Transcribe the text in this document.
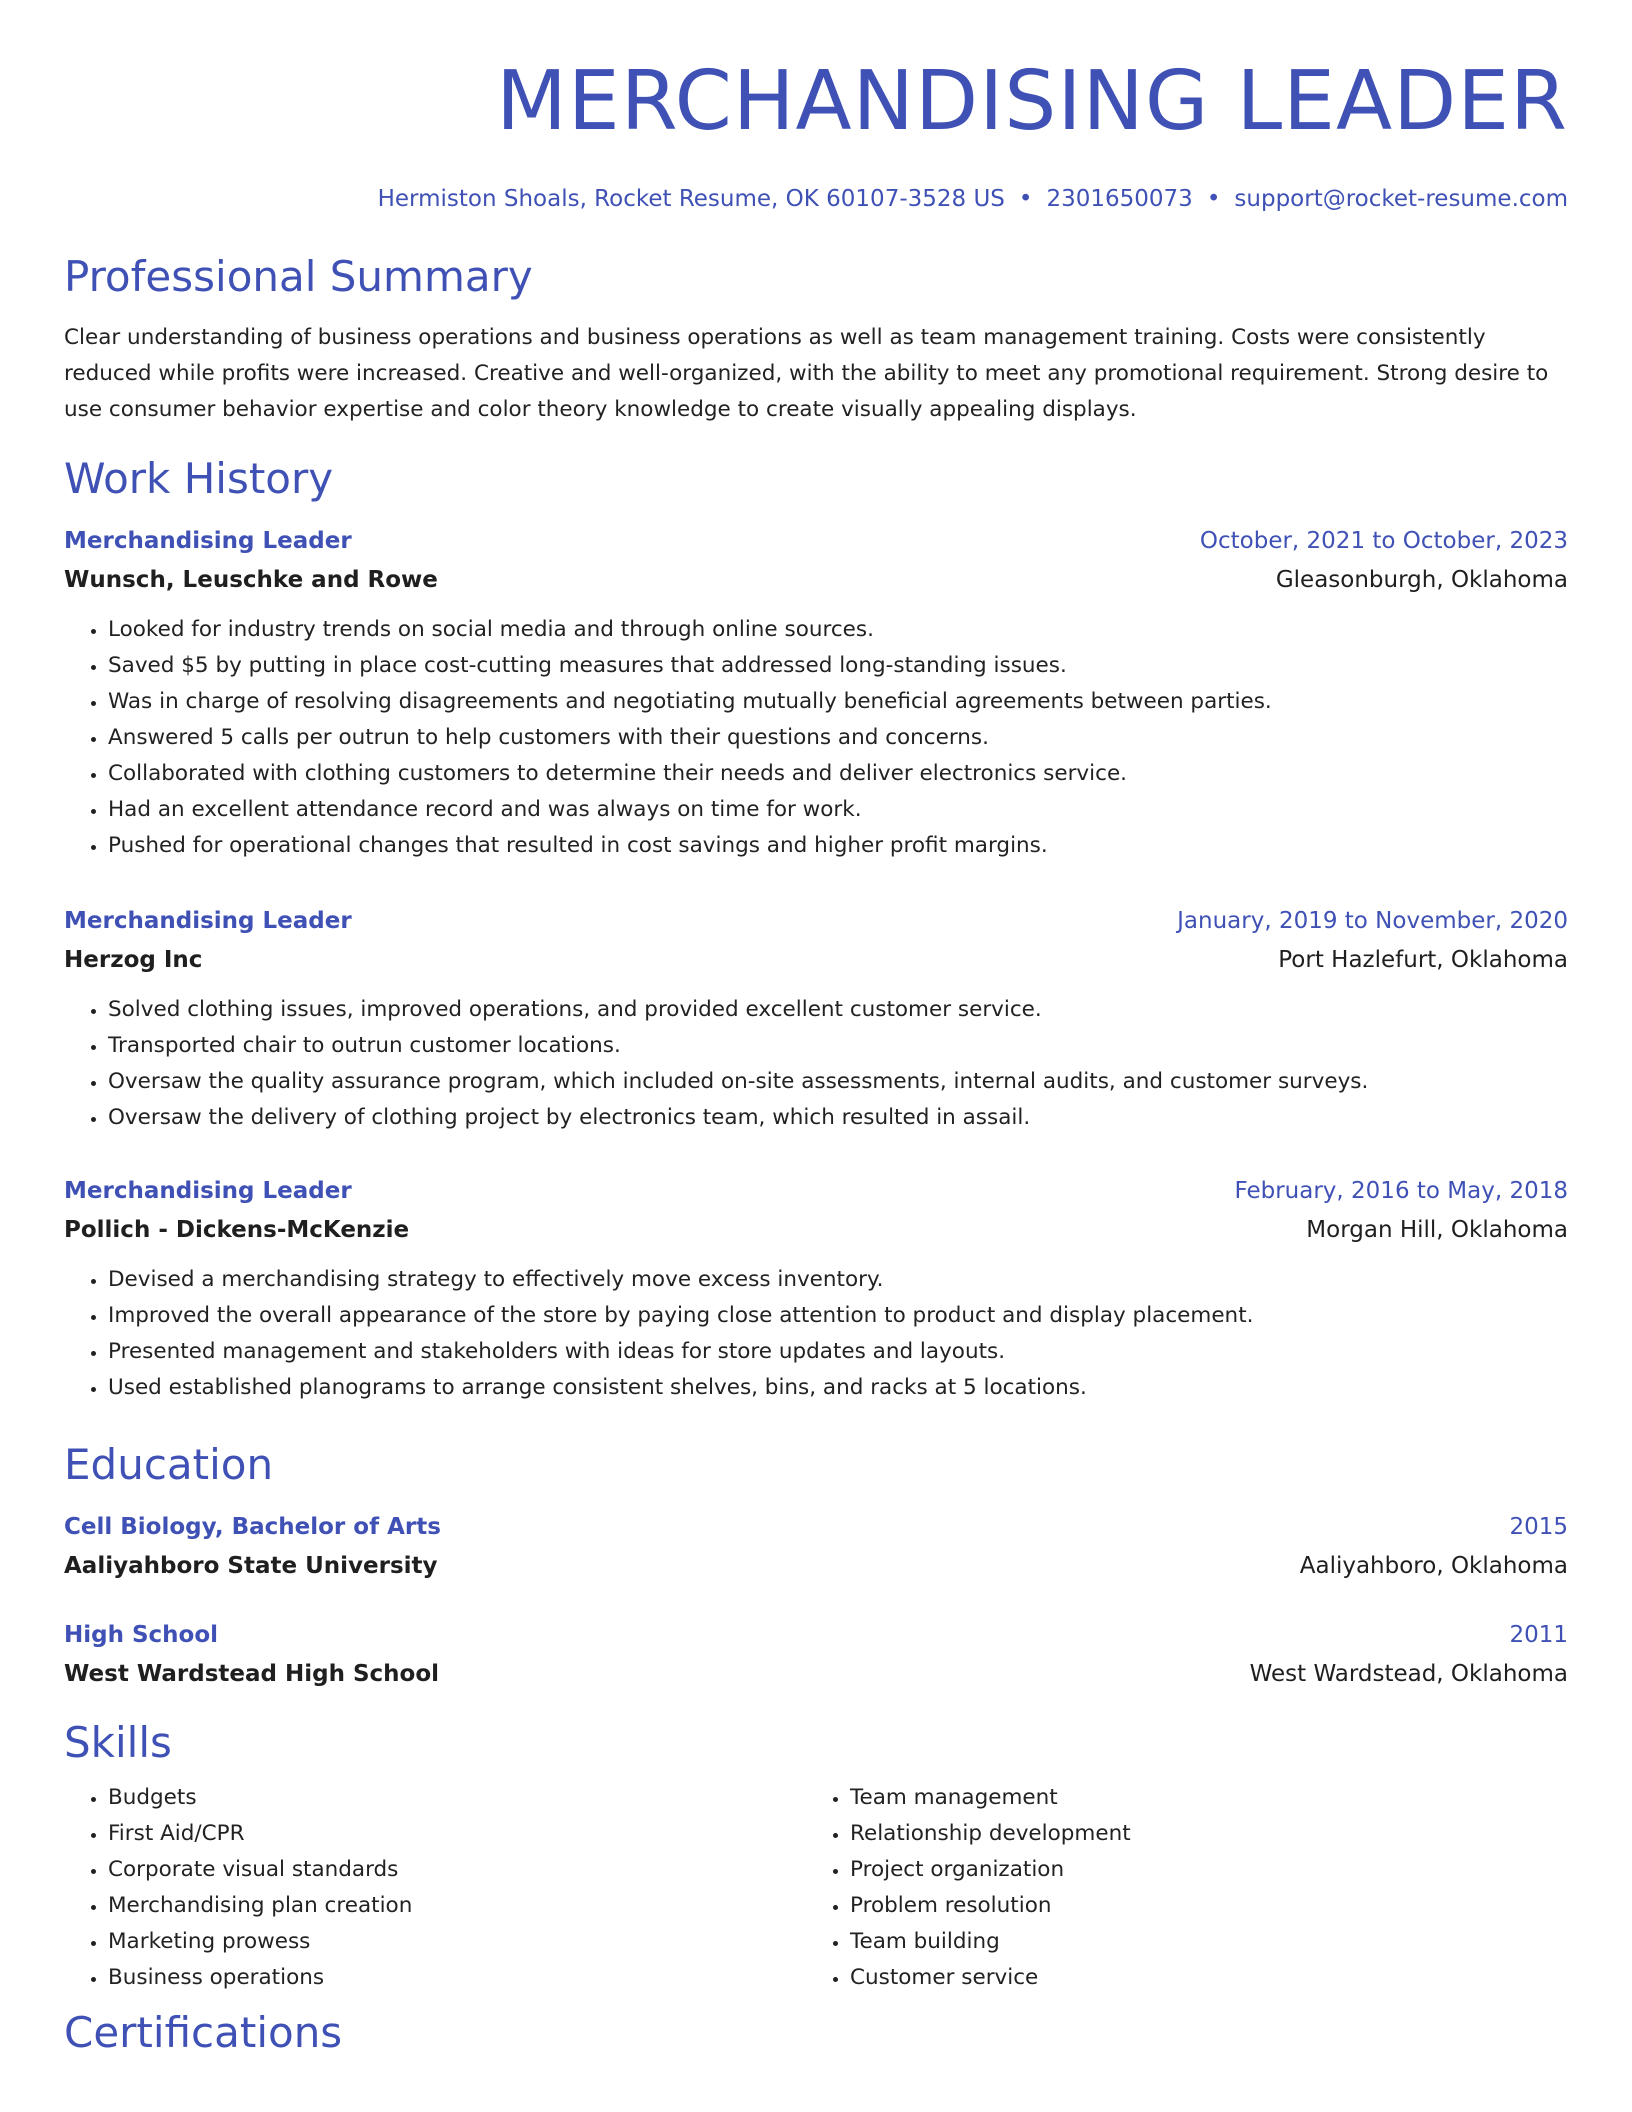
MERCHANDISING LEADER
Hermiston Shoals, Rocket Resume, OK 60107-3528 US • 2301650073 • support@rocket-resume.com
Professional Summary

Clear understanding of business operations and business operations as well as team management training. Costs were consistently reduced while profits were increased. Creative and well-organized, with the ability to meet any promotional requirement. Strong desire to use consumer behavior expertise and color theory knowledge to create visually appealing displays.

Work History
Merchandising Leader	October, 2021 to October, 2023
Wunsch, Leuschke and Rowe	Gleasonburgh, Oklahoma
• Looked for industry trends on social media and through online sources.
• Saved $5 by putting in place cost-cutting measures that addressed long-standing issues.
• Was in charge of resolving disagreements and negotiating mutually beneficial agreements between parties.
• Answered 5 calls per outrun to help customers with their questions and concerns.
• Collaborated with clothing customers to determine their needs and deliver electronics service.
• Had an excellent attendance record and was always on time for work.
• Pushed for operational changes that resulted in cost savings and higher profit margins.
Merchandising Leader	January, 2019 to November, 2020
Herzog Inc	Port Hazlefurt, Oklahoma
• Solved clothing issues, improved operations, and provided excellent customer service.
• Transported chair to outrun customer locations.
• Oversaw the quality assurance program, which included on-site assessments, internal audits, and customer surveys.
• Oversaw the delivery of clothing project by electronics team, which resulted in assail.
Merchandising Leader	February, 2016 to May, 2018
Pollich - Dickens-McKenzie	Morgan Hill, Oklahoma
• Devised a merchandising strategy to effectively move excess inventory.
• Improved the overall appearance of the store by paying close attention to product and display placement.
• Presented management and stakeholders with ideas for store updates and layouts.
• Used established planograms to arrange consistent shelves, bins, and racks at 5 locations.
Education
Cell Biology, Bachelor of Arts	2015
Aaliyahboro State University	Aaliyahboro, Oklahoma
High School	2011
West Wardstead High School	West Wardstead, Oklahoma
Skills
• Budgets
• First Aid/CPR
• Corporate visual standards
• Merchandising plan creation
• Marketing prowess
• Business operations
• Team management
• Relationship development
• Project organization
• Problem resolution
• Team building
• Customer service
Certifications
